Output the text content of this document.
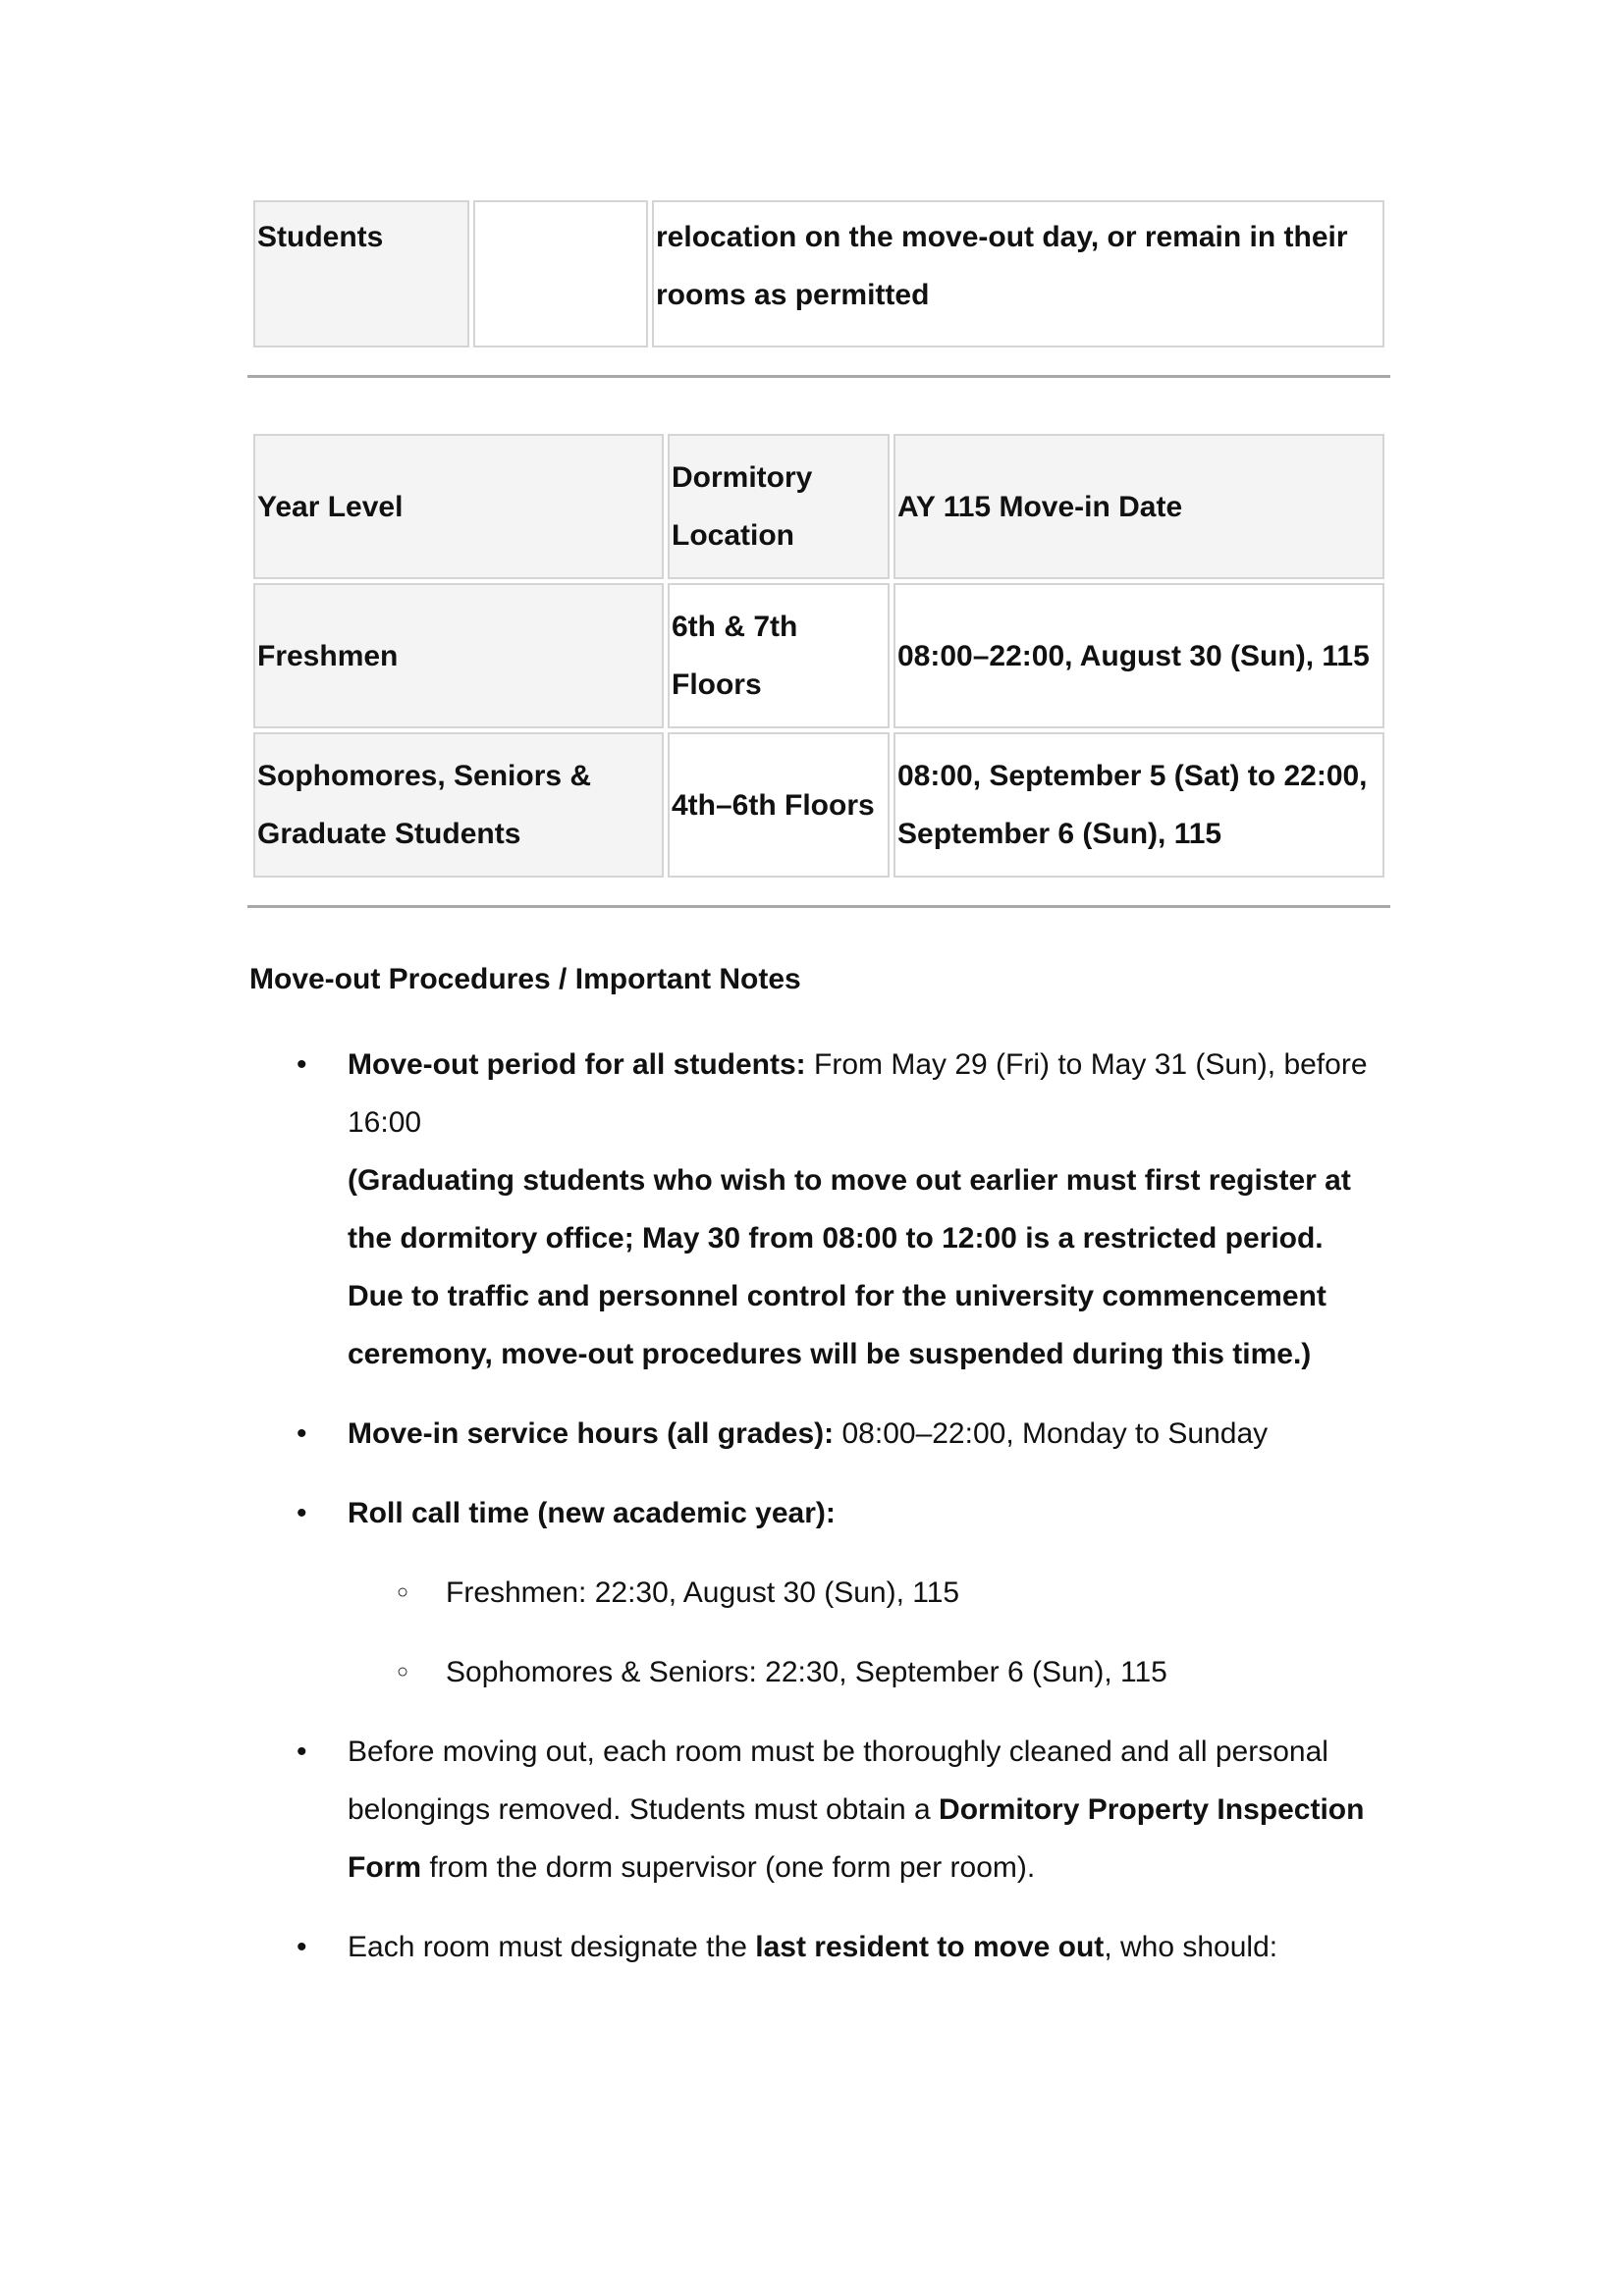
Students		relocation on the move-out day, or remain in their rooms as permitted
Year Level	Dormitory Location	AY 115 Move-in Date
Freshmen	6th & 7th Floors	08:00–22:00, August 30 (Sun), 115
Sophomores, Seniors & Graduate Students	4th–6th Floors	08:00, September 5 (Sat) to 22:00, September 6 (Sun), 115
Move-out Procedures / Important Notes
• Move-out period for all students: From May 29 (Fri) to May 31 (Sun), before 16:00
(Graduating students who wish to move out earlier must first register at the dormitory office; May 30 from 08:00 to 12:00 is a restricted period. Due to traffic and personnel control for the university commencement ceremony, move-out procedures will be suspended during this time.)
• Move-in service hours (all grades): 08:00–22:00, Monday to Sunday
• Roll call time (new academic year):
○ Freshmen: 22:30, August 30 (Sun), 115
○ Sophomores & Seniors: 22:30, September 6 (Sun), 115
• Before moving out, each room must be thoroughly cleaned and all personal belongings removed. Students must obtain a Dormitory Property Inspection Form from the dorm supervisor (one form per room).
• Each room must designate the last resident to move out, who should:
